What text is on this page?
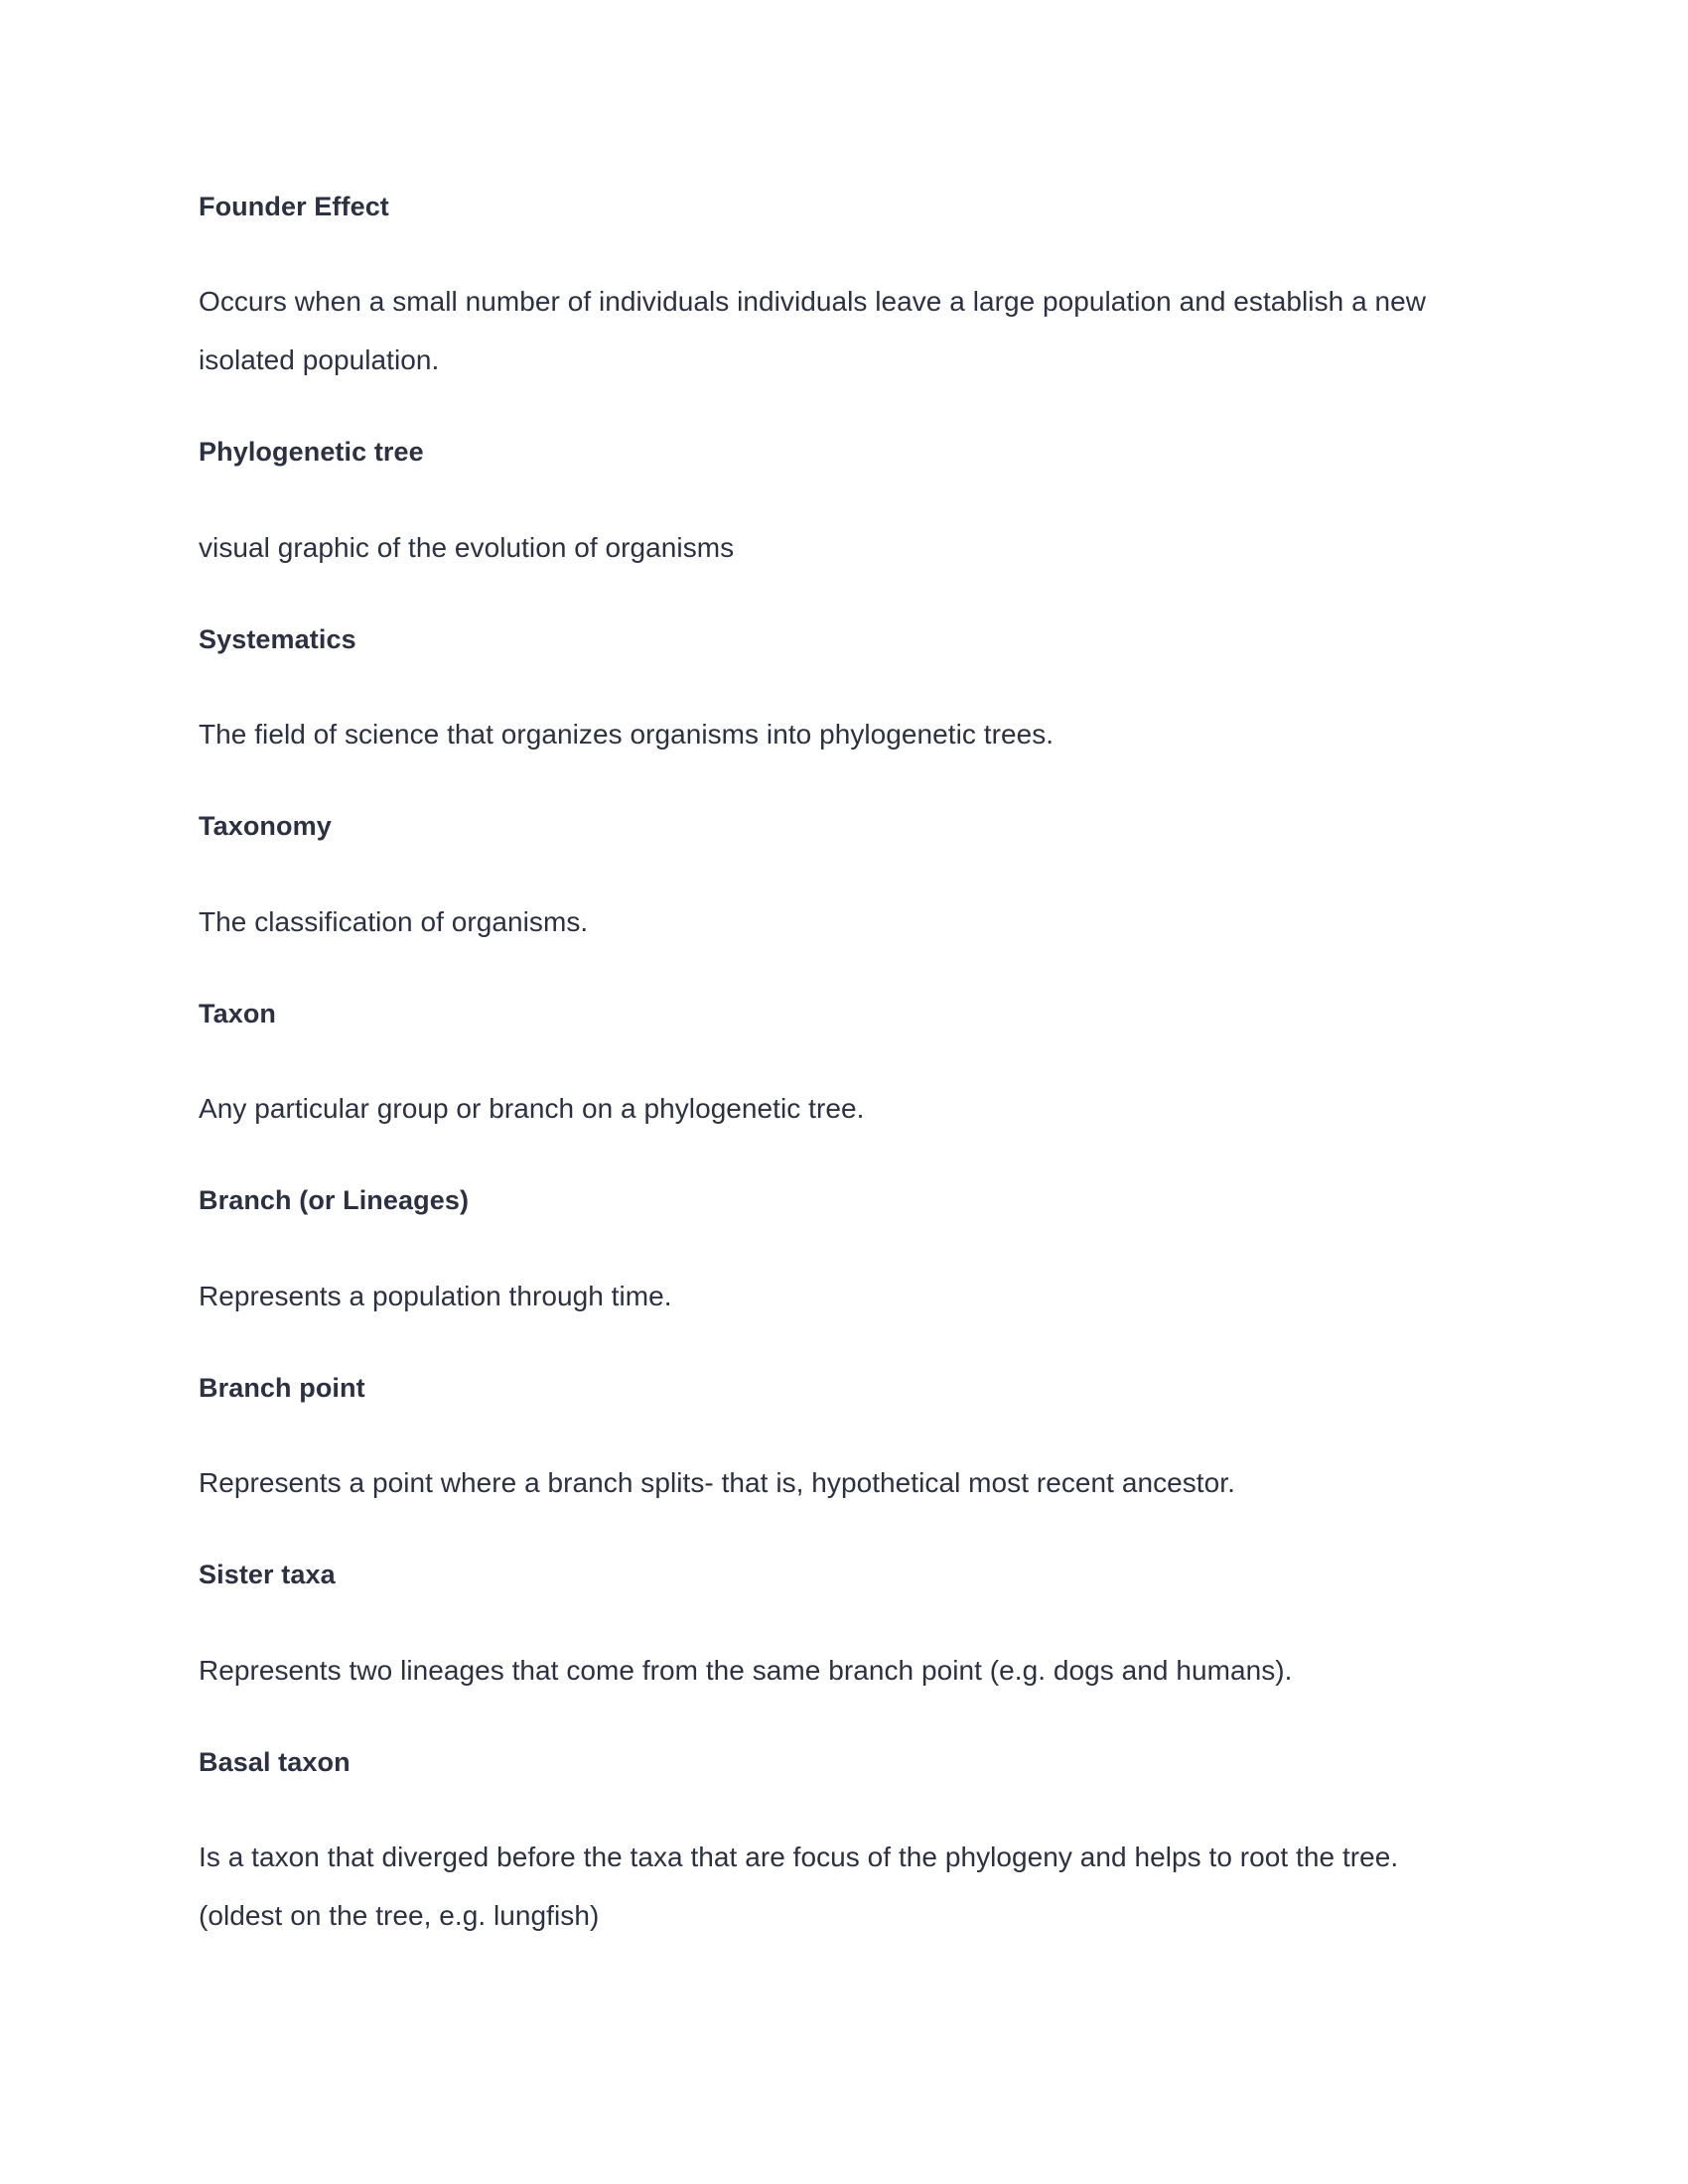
Founder Effect

Occurs when a small number of individuals individuals leave a large population and establish a new isolated population.

Phylogenetic tree

visual graphic of the evolution of organisms

Systematics

The field of science that organizes organisms into phylogenetic trees.

Taxonomy

The classification of organisms.

Taxon

Any particular group or branch on a phylogenetic tree.

Branch (or Lineages)

Represents a population through time.

Branch point

Represents a point where a branch splits- that is, hypothetical most recent ancestor.

Sister taxa

Represents two lineages that come from the same branch point (e.g. dogs and humans).

Basal taxon

Is a taxon that diverged before the taxa that are focus of the phylogeny and helps to root the tree. (oldest on the tree, e.g. lungfish)
